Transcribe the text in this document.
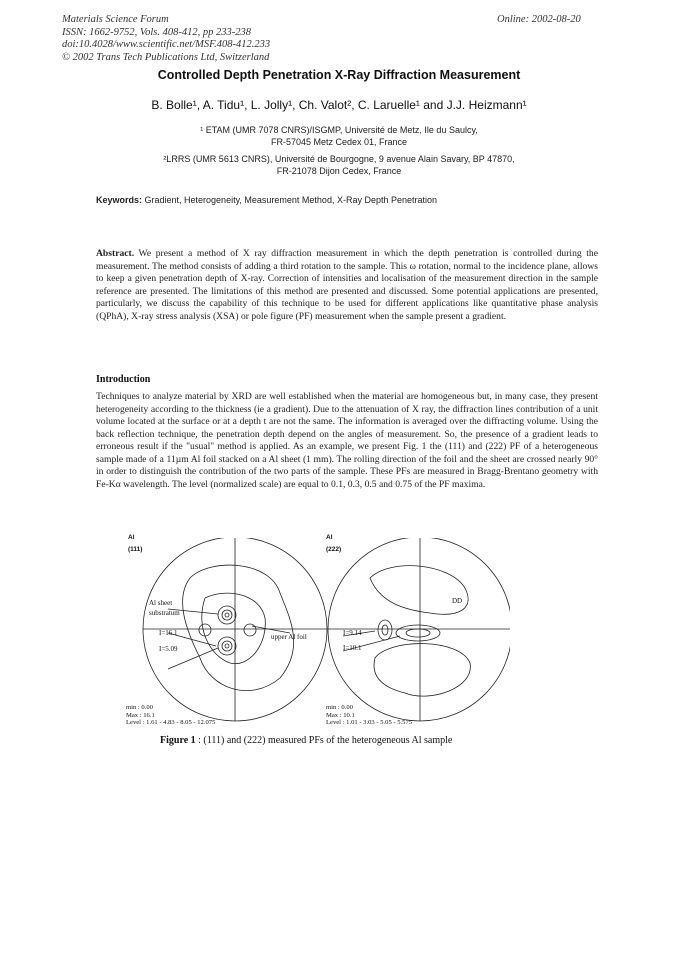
Materials Science Forum
ISSN: 1662-9752, Vols. 408-412, pp 233-238
doi:10.4028/www.scientific.net/MSF.408-412.233
© 2002 Trans Tech Publications Ltd, Switzerland
Online: 2002-08-20
Controlled Depth Penetration X-Ray Diffraction Measurement
B. Bolle¹, A. Tidu¹, L. Jolly¹, Ch. Valot², C. Laruelle¹ and J.J. Heizmann¹
¹ ETAM (UMR 7078 CNRS)/ISGMP, Université de Metz, Ile du Saulcy,
FR-57045 Metz Cedex 01, France
²LRRS (UMR 5613 CNRS), Université de Bourgogne, 9 avenue Alain Savary, BP 47870,
FR-21078 Dijon Cedex, France
Keywords: Gradient, Heterogeneity, Measurement Method, X-Ray Depth Penetration

Abstract. We present a method of X ray diffraction measurement in which the depth penetration is controlled during the measurement. The method consists of adding a third rotation to the sample. This ω rotation, normal to the incidence plane, allows to keep a given penetration depth of X-ray. Correction of intensities and localisation of the measurement direction in the sample reference are presented. The limitations of this method are presented and discussed. Some potential applications are presented, particularly, we discuss the capability of this technique to be used for different applications like quantitative phase analysis (QPhA), X-ray stress analysis (XSA) or pole figure (PF) measurement when the sample present a gradient.

Introduction

Techniques to analyze material by XRD are well established when the material are homogeneous but, in many case, they present heterogeneity according to the thickness (ie a gradient). Due to the attenuation of X ray, the diffraction lines contribution of a unit volume located at the surface or at a depth t are not the same. The information is averaged over the diffracting volume. Using the back reflection technique, the penetration depth depend on the angles of measurement. So, the presence of a gradient leads to erroneous result if the "usual" method is applied. As an example, we present Fig. 1 the (111) and (222) PF of a heterogeneous sample made of a 11µm Al foil stacked on a Al sheet (1 mm). The rolling direction of the foil and the sheet are crossed nearly 90° in order to distinguish the contribution of the two parts of the sample. These PFs are measured in Bragg-Brentano geometry with Fe-Kα wavelength. The level (normalized scale) are equal to 0.1, 0.3, 0.5 and 0.75 of the PF maxima.

Al
(111)
Al sheet
substratum
I=16.1
I=5.09
upper Al foil
min : 0.00
Max : 16.1
Level : 1.61 - 4.83 - 8.05 - 12.075
Al
(222)
I=9.14
I=10.1
DD
min : 0.00
Max : 10.1
Level : 1.01 - 3.03 - 5.05 - 5.575
Figure 1 : (111) and (222) measured PFs of the heterogeneous Al sample
